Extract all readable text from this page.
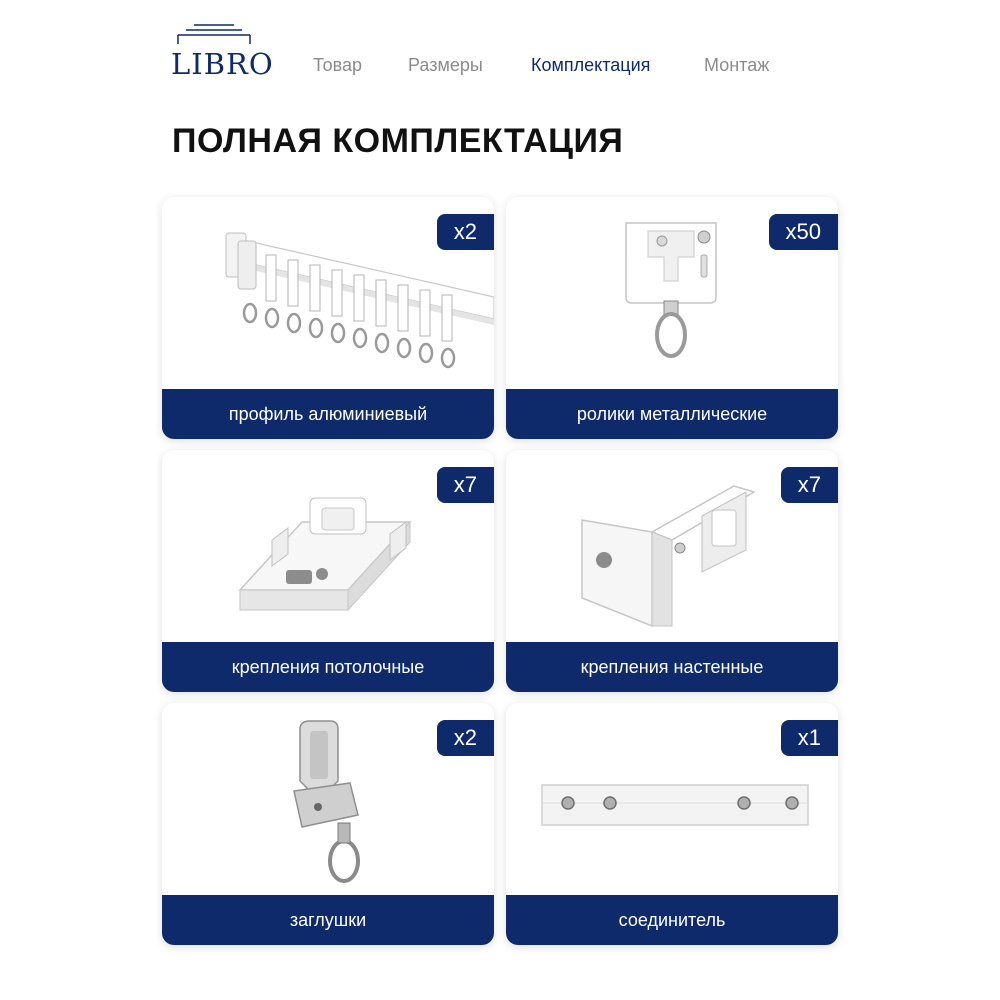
LIBRO Товар	Размеры	Комплектация	Монтаж
ПОЛНАЯ КОМПЛЕКТАЦИЯ
x2
профиль алюминиевый
x50
ролики металлические
x7
крепления потолочные
x7
крепления настенные
x2
заглушки
x1
соединитель
